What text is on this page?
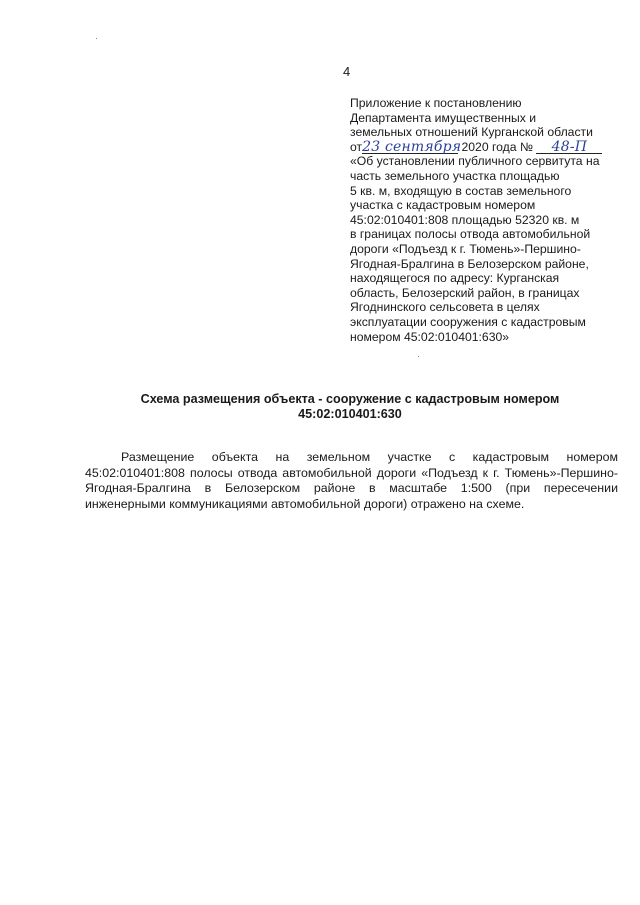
4
Приложение к постановлению
Департамента имущественных и
земельных отношений Курганской области
от23 сентября 2020 года № 48-П
«Об установлении публичного сервитута на
часть земельного участка площадью
5 кв. м, входящую в состав земельного
участка с кадастровым номером
45:02:010401:808 площадью 52320 кв. м
в границах полосы отвода автомобильной
дороги «Подъезд к г. Тюмень»-Першино-
Ягодная-Бралгина в Белозерском районе,
находящегося по адресу: Курганская
область, Белозерский район, в границах
Ягоднинского сельсовета в целях
эксплуатации сооружения с кадастровым
номером 45:02:010401:630»
Схема размещения объекта - сооружение с кадастровым номером
45:02:010401:630
Размещение объекта на земельном участке с кадастровым номером 45:02:010401:808 полосы отвода автомобильной дороги «Подъезд к г. Тюмень»-Першино-Ягодная-Бралгина в Белозерском районе в масштабе 1:500 (при пересечении инженерными коммуникациями автомобильной дороги) отражено на схеме.
